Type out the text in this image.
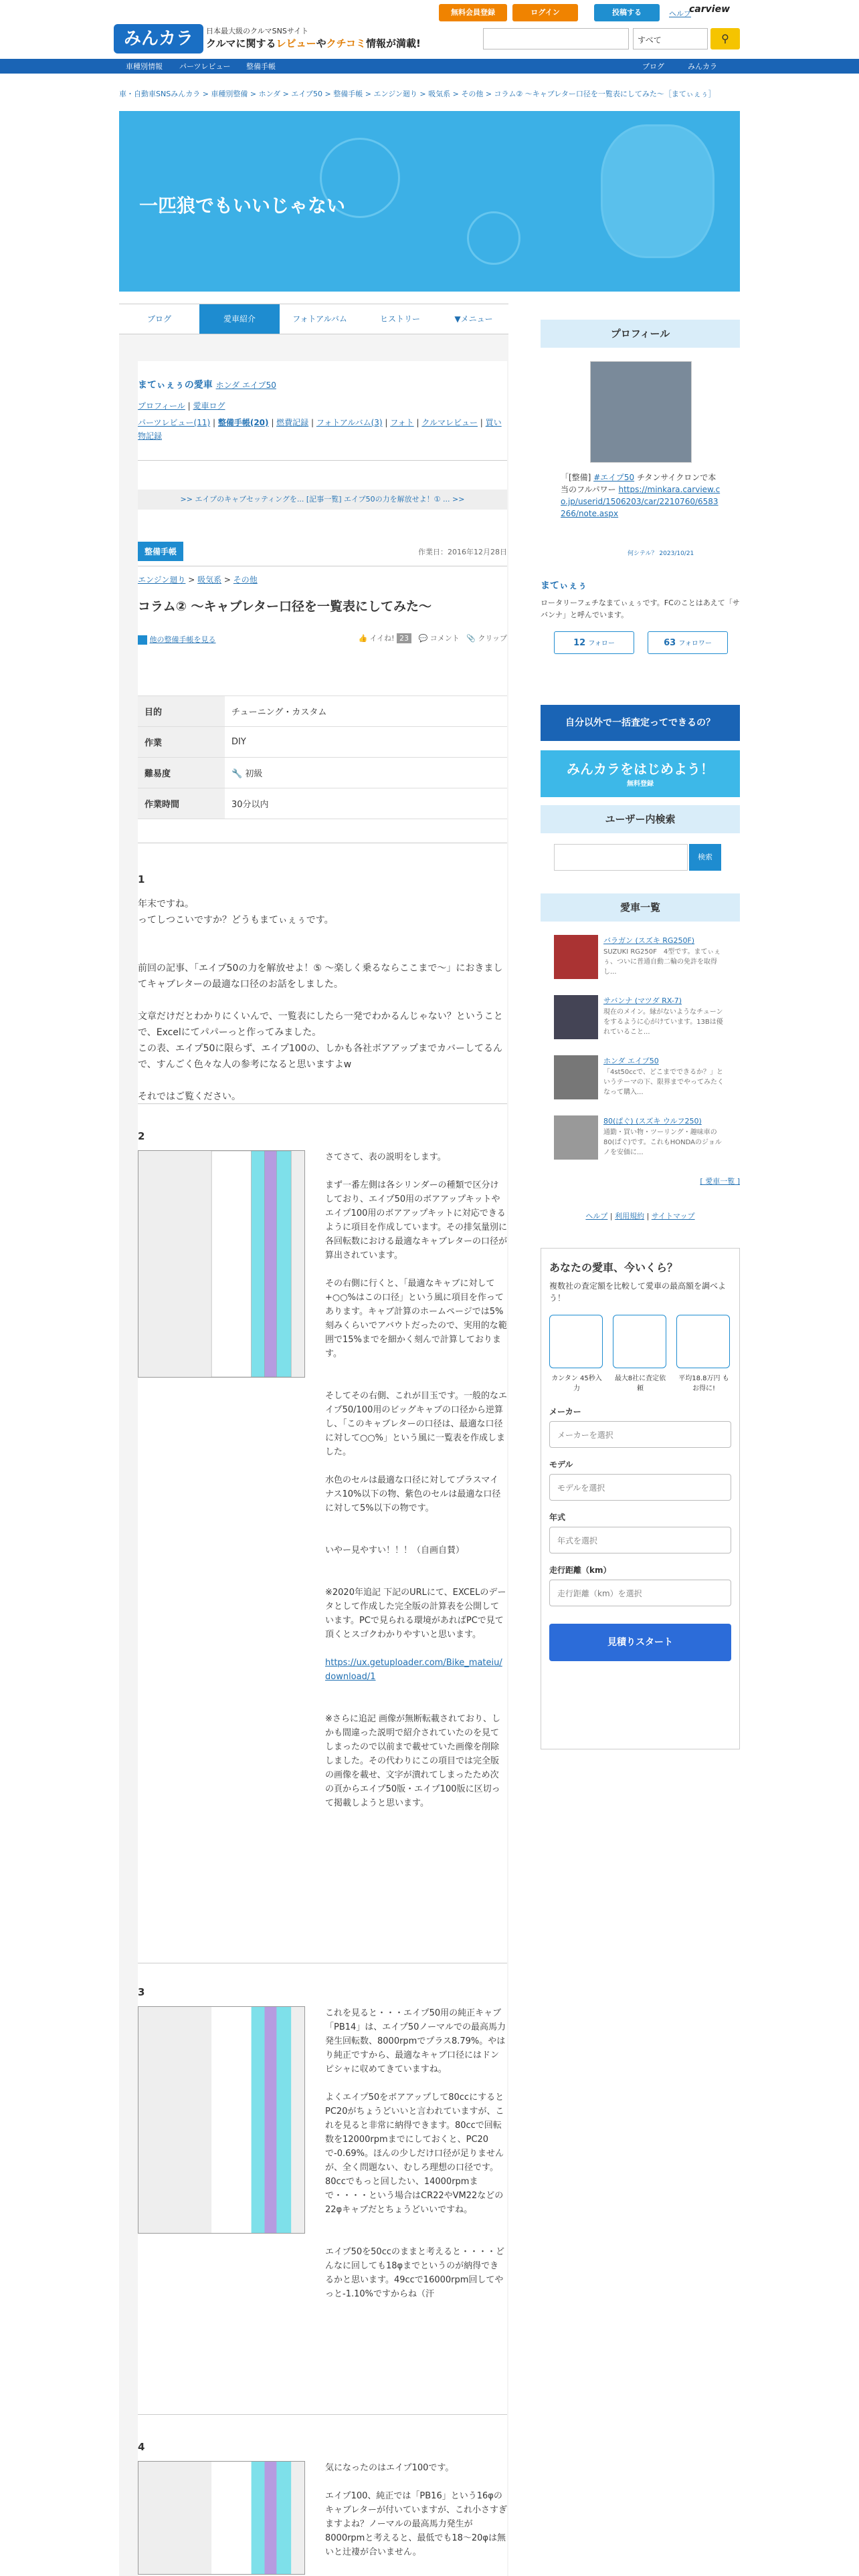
みんカラ	日本最大級のクルマSNSサイト
クルマに関するレビューやクチコミ情報が満載!
無料会員登録	ログイン	投稿する	ヘルプ
carview
すべて	⚲
車種別情報 パーツレビュー 整備手帳	ブログ	みんカラ
車・自動車SNSみんカラ > 車種別整備 > ホンダ > エイプ50 > 整備手帳 > エンジン廻り > 吸気系 > その他 > コラム② 〜キャブレター口径を一覧表にしてみた〜［まてぃぇぅ］
一匹狼でもいいじゃない
ブログ	愛車紹介	フォトアルバム	ヒストリー	▼メニュー
まてぃぇぅの愛車 ホンダ エイプ50
プロフィール | 愛車ログ
パーツレビュー(11) | 整備手帳(20) | 燃費記録 | フォトアルバム(3) | フォト | クルマレビュー | 買い物記録
>> エイプのキャブセッティングを... [記事一覧] エイプ50の力を解放せよ！① ... >>
整備手帳	作業日：2016年12月28日
エンジン廻り > 吸気系 > その他
コラム② 〜キャブレター口径を一覧表にしてみた〜
他の整備手帳を見る	👍 イイね! 23 💬 コメント 📎 クリップ
目的	チューニング・カスタム
作業	DIY
難易度	🔧 初級
作業時間	30分以内
1
年末ですね。
ってしつこいですか？どうもまてぃぇぅです。

前回の記事、「エイプ50の力を解放せよ！⑤ 〜楽しく乗るならここまで〜」におきましてキャブレターの最適な口径のお話をしました。

文章だけだとわかりにくいんで、一覧表にしたら一発でわかるんじゃない？ということで、Excelにてパパーっと作ってみました。
この表、エイプ50に限らず、エイプ100の、しかも各社ボアアップまでカバーしてるんで、すんごく色々な人の参考になると思いますよw

それではご覧ください。
2
さてさて、表の説明をします。

まず一番左側は各シリンダーの種類で区分けしており、エイプ50用のボアアップキットやエイプ100用のボアアップキットに対応できるように項目を作成しています。その排気量別に各回転数における最適なキャブレターの口径が算出されています。

その右側に行くと、「最適なキャブに対して+○○%はこの口径」という風に項目を作ってあります。キャブ計算のホームページでは5%刻みくらいでアバウトだったので、実用的な範囲で15%までを細かく刻んで計算しております。

そしてその右側、これが目玉です。一般的なエイプ50/100用のビッグキャブの口径から逆算し、「このキャブレターの口径は、最適な口径に対して○○%」という風に一覧表を作成しました。

水色のセルは最適な口径に対してプラスマイナス10%以下の物、紫色のセルは最適な口径に対して5%以下の物です。

いやー見やすい！！！（自画自賛）

※2020年追記 下記のURLにて、EXCELのデータとして作成した完全版の計算表を公開しています。PCで見られる環境があればPCで見て頂くとスゴクわかりやすいと思います。

https://ux.getuploader.com/Bike_mateiu/download/1

※さらに追記 画像が無断転載されており、しかも間違った説明で紹介されていたのを見てしまったので以前まで載せていた画像を削除しました。その代わりにこの項目では完全版の画像を載せ、文字が潰れてしまったため次の頁からエイプ50版・エイプ100版に区切って掲載しようと思います。
3
これを見ると・・・エイプ50用の純正キャブ「PB14」は、エイプ50ノーマルでの最高馬力発生回転数、8000rpmでプラス8.79%。やはり純正ですから、最適なキャブ口径にはドンピシャに収めてきていますね。

よくエイプ50をボアアップして80ccにするとPC20がちょうどいいと言われていますが、これを見ると非常に納得できます。80ccで回転数を12000rpmまでにしておくと、PC20で-0.69%。ほんの少しだけ口径が足りませんが、全く問題ない、むしろ理想の口径です。80ccでもっと回したい、14000rpmまで・・・・という場合はCR22やVM22などの22φキャブだとちょうどいいですね。

エイプ50を50ccのままと考えると・・・・どんなに回しても18φまでというのが納得できるかと思います。49ccで16000rpm回してやっと-1.10%ですからね（汗
4
気になったのはエイプ100です。

エイプ100、純正では「PB16」という16φのキャブレターが付いていますが、これ小さすぎますよね？ノーマルの最高馬力発生が8000rpmと考えると、最低でも18〜20φは無いと辻褄が合いません。
プロフィール
「[整備] #エイプ50 チタンサイクロンで本当のフルパワー https://minkara.carview.co.jp/userid/1506203/car/2210760/6583266/note.aspx
何シテル？ 2023/10/21
まてぃぇぅ
ロータリーフェチなまてぃぇぅです。FCのことはあえて「サバンナ」と呼んでいます。
12 フォロー	63 フォロワー
自分以外で一括査定ってできるの？
みんカラをはじめよう！
無料登録
ユーザー内検索
検索
愛車一覧
バラガン (スズキ RG250F)
SUZUKI RG250F　4型です。まてぃぇぅ、ついに普通自動二輪の免許を取得し...
サバンナ (マツダ RX-7)
現在のメイン。縁がないようなチューンをするように心がけています。13Bは優れていること...
ホンダ エイプ50
「4st50ccで、どこまでできるか？」というテーマの下、限界までやってみたくなって購入...
80(ぱぐ) (スズキ ウルフ250)
通勤・買い物・ツーリング・趣味車の80(ぱぐ)です。これもHONDAのジョルノを安価に...
[ 愛車一覧 ]
ヘルプ | 利用規約 | サイトマップ
あなたの愛車、今いくら？
複数社の査定額を比較して愛車の最高額を調べよう！
カンタン 45秒入力
最大8社に査定依頼
平均18.8万円 もお得に!
メーカー
メーカーを選択
モデル
モデルを選択
年式
年式を選択
走行距離（km）
走行距離（km）を選択
見積りスタート
